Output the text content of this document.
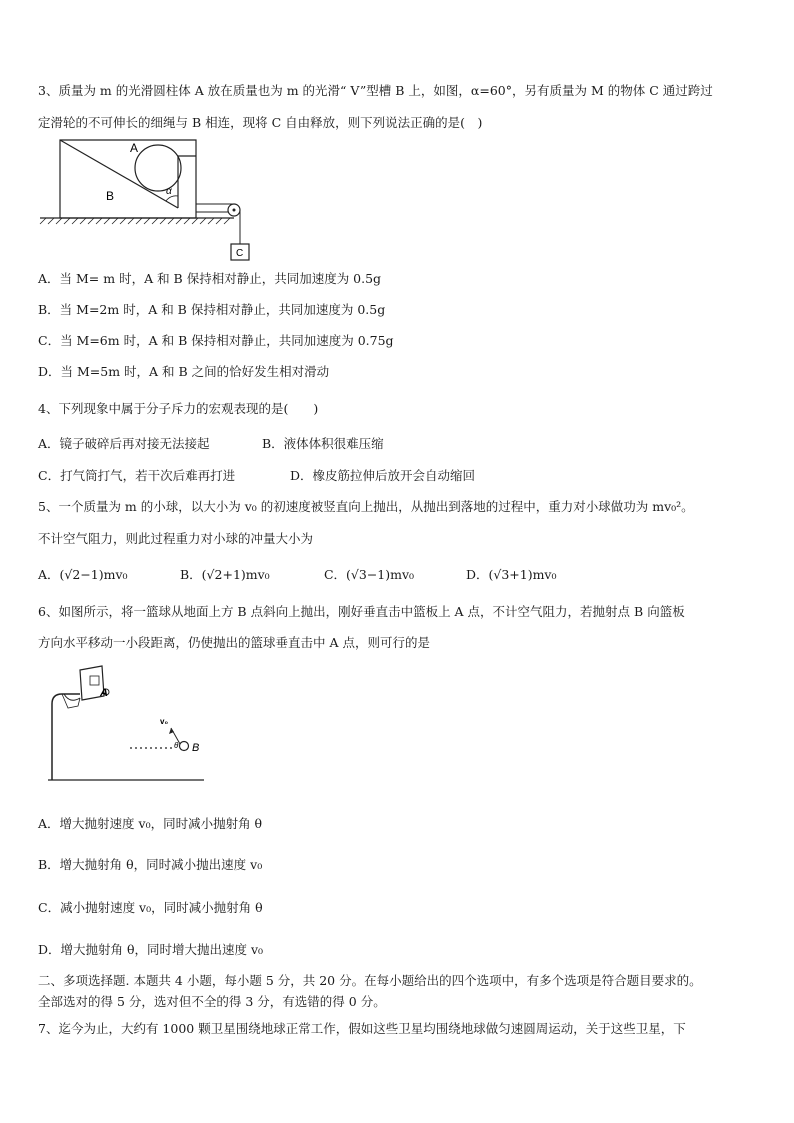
3、质量为 m 的光滑圆柱体 A 放在质量也为 m 的光滑“ V”型槽 B 上，如图，α=60°，另有质量为 M 的物体 C 通过跨过
定滑轮的不可伸长的细绳与 B 相连，现将 C 自由释放，则下列说法正确的是(　)
A
B	α
C
A．当 M= m 时，A 和 B 保持相对静止，共同加速度为 0.5g
B．当 M=2m 时，A 和 B 保持相对静止，共同加速度为 0.5g
C．当 M=6m 时，A 和 B 保持相对静止，共同加速度为 0.75g
D．当 M=5m 时，A 和 B 之间的恰好发生相对滑动
4、下列现象中属于分子斥力的宏观表现的是(　　)
A．镜子破碎后再对接无法接起	B．液体体积很难压缩
C．打气筒打气，若干次后难再打进	D．橡皮筋拉伸后放开会自动缩回
5、一个质量为 m 的小球，以大小为 v₀ 的初速度被竖直向上抛出，从抛出到落地的过程中，重力对小球做功为 mv₀²。
不计空气阻力，则此过程重力对小球的冲量大小为
A．(√2−1)mv₀	B．(√2+1)mv₀	C．(√3−1)mv₀	D．(√3+1)mv₀
6、如图所示，将一篮球从地面上方 B 点斜向上抛出，刚好垂直击中篮板上 A 点，不计空气阻力，若抛射点 B 向篮板
方向水平移动一小段距离，仍使抛出的篮球垂直击中 A 点，则可行的是
A
B
v₀
θ
A．增大抛射速度 v₀，同时减小抛射角 θ
B．增大抛射角 θ，同时减小抛出速度 v₀
C．减小抛射速度 v₀，同时减小抛射角 θ
D．增大抛射角 θ，同时增大抛出速度 v₀
二、多项选择题. 本题共 4 小题，每小题 5 分，共 20 分。在每小题给出的四个选项中，有多个选项是符合题目要求的。
全部选对的得 5 分，选对但不全的得 3 分，有选错的得 0 分。
7、迄今为止，大约有 1000 颗卫星围绕地球正常工作，假如这些卫星均围绕地球做匀速圆周运动，关于这些卫星，下
